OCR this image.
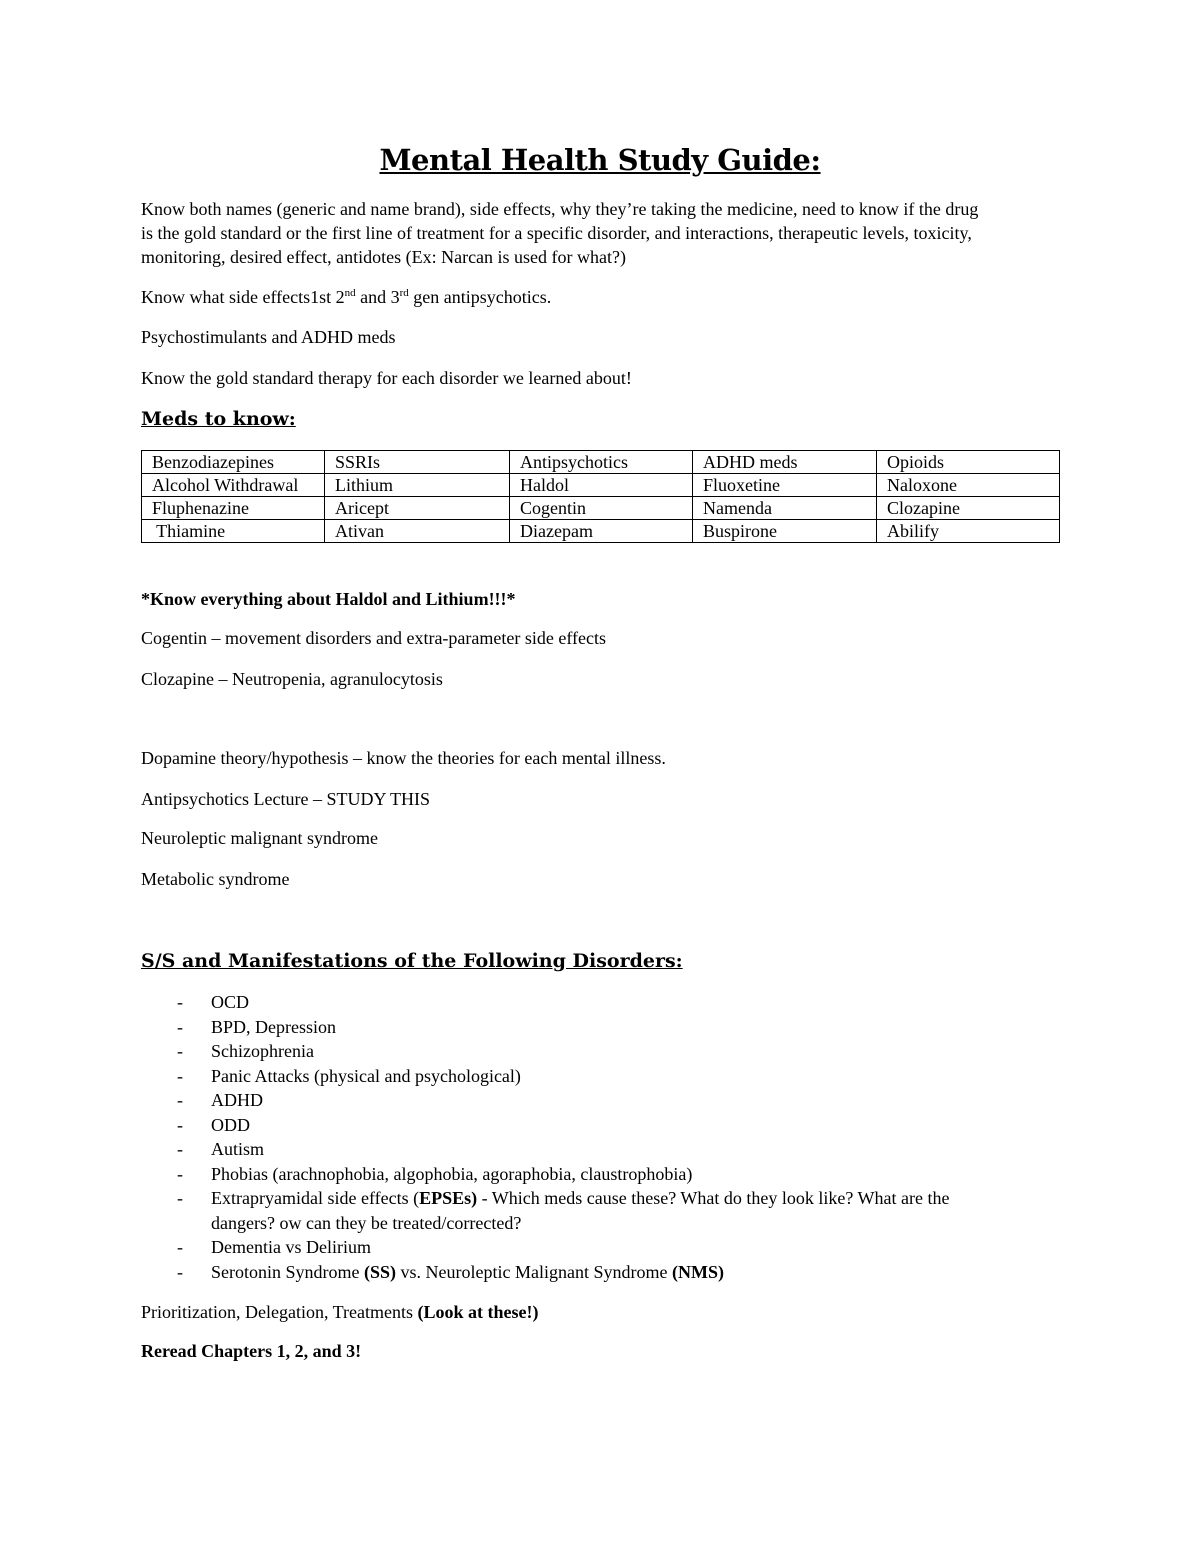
Mental Health Study Guide:
Know both names (generic and name brand), side effects, why they’re taking the medicine, need to know if the drug
is the gold standard or the first line of treatment for a specific disorder, and interactions, therapeutic levels, toxicity,
monitoring, desired effect, antidotes (Ex: Narcan is used for what?)
Know what side effects1st 2nd and 3rd gen antipsychotics.
Psychostimulants and ADHD meds
Know the gold standard therapy for each disorder we learned about!
Meds to know:
Benzodiazepines	SSRIs	Antipsychotics	ADHD meds	Opioids
Alcohol Withdrawal	Lithium	Haldol	Fluoxetine	Naloxone
Fluphenazine	Aricept	Cogentin	Namenda	Clozapine
Thiamine	Ativan	Diazepam	Buspirone	Abilify
*Know everything about Haldol and Lithium!!!*
Cogentin – movement disorders and extra-parameter side effects
Clozapine – Neutropenia, agranulocytosis
Dopamine theory/hypothesis – know the theories for each mental illness.
Antipsychotics Lecture – STUDY THIS
Neuroleptic malignant syndrome
Metabolic syndrome
S/S and Manifestations of the Following Disorders:
- OCD
- BPD, Depression
- Schizophrenia
- Panic Attacks (physical and psychological)
- ADHD
- ODD
- Autism
- Phobias (arachnophobia, algophobia, agoraphobia, claustrophobia)
- Extrapryamidal side effects (EPSEs) - Which meds cause these? What do they look like? What are the
dangers? ow can they be treated/corrected?
- Dementia vs Delirium
- Serotonin Syndrome (SS) vs. Neuroleptic Malignant Syndrome (NMS)
Prioritization, Delegation, Treatments (Look at these!)
Reread Chapters 1, 2, and 3!
